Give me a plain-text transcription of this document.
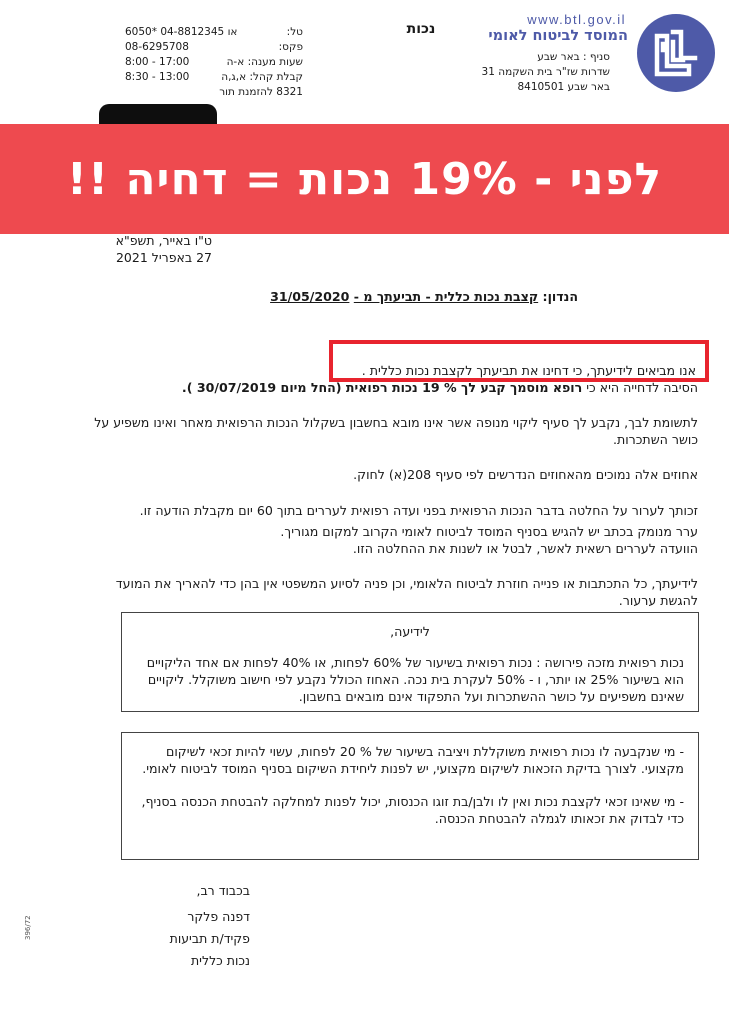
www.btl.gov.il
המוסד לביטוח לאומי
סניף : באר שבע
שדרות שז"ר בית השקמה 31
באר שבע 8410501
נכות
טל:
6050* או 04-8812345
פקס:
08-6295708
שעות מענה: א-ה
8:00 - 17:00
קבלת קהל: א,ג,ה
8:30 - 13:00
8321 להזמנת תור
לפני - 19% נכות = דחיה !!
ט"ו באייר, תשפ"א
27 באפריל 2021
הנדון: קצבת נכות כללית - תביעתך מ - 31/05/2020
אנו מביאים לידיעתך, כי דחינו את תביעתך לקצבת נכות כללית .
הסיבה לדחייה היא כי רופא מוסמך קבע לך % 19 נכות רפואית (החל מיום 30/07/2019 ).
לתשומת לבך, נקבע לך סעיף ליקוי מנופה אשר אינו מובא בחשבון בשקלול הנכות הרפואית מאחר ואינו משפיע על כושר השתכרות.
אחוזים אלה נמוכים מהאחוזים הנדרשים לפי סעיף 208(א) לחוק.
זכותך לערור על החלטה בדבר הנכות הרפואית בפני ועדה רפואית לעררים בתוך 60 יום מקבלת הודעה זו.
ערר מנומק בכתב יש להגיש בסניף המוסד לביטוח לאומי הקרוב למקום מגוריך.
הוועדה לעררים רשאית לאשר, לבטל או לשנות את ההחלטה הזו.
לידיעתך, כל התכתבות או פנייה חוזרת לביטוח הלאומי, וכן פניה לסיוע המשפטי אין בהן כדי להאריך את המועד להגשת ערעור.
לידיעה,
נכות רפואית מזכה פירושה : נכות רפואית בשיעור של 60% לפחות, או 40% לפחות אם אחד הליקויים הוא בשיעור 25% או יותר, ו - 50% לעקרת בית נכה. האחוז הכולל נקבע לפי חישוב משוקלל. ליקויים שאינם משפיעים על כושר ההשתכרות ועל התפקוד אינם מובאים בחשבון.
- מי שנקבעה לו נכות רפואית משוקללת ויציבה בשיעור של % 20 לפחות, עשוי להיות זכאי לשיקום מקצועי. לצורך בדיקת הזכאות לשיקום מקצועי, יש לפנות ליחידת השיקום בסניף המוסד לביטוח לאומי.
- מי שאינו זכאי לקצבת נכות ואין לו ולבן/בת זוגו הכנסות, יכול לפנות למחלקה להבטחת הכנסה בסניף, כדי לבדוק את זכאותו לגמלה להבטחת הכנסה.
בכבוד רב,
דפנה פלקר
פקיד/ת תביעות
נכות כללית
396/72
